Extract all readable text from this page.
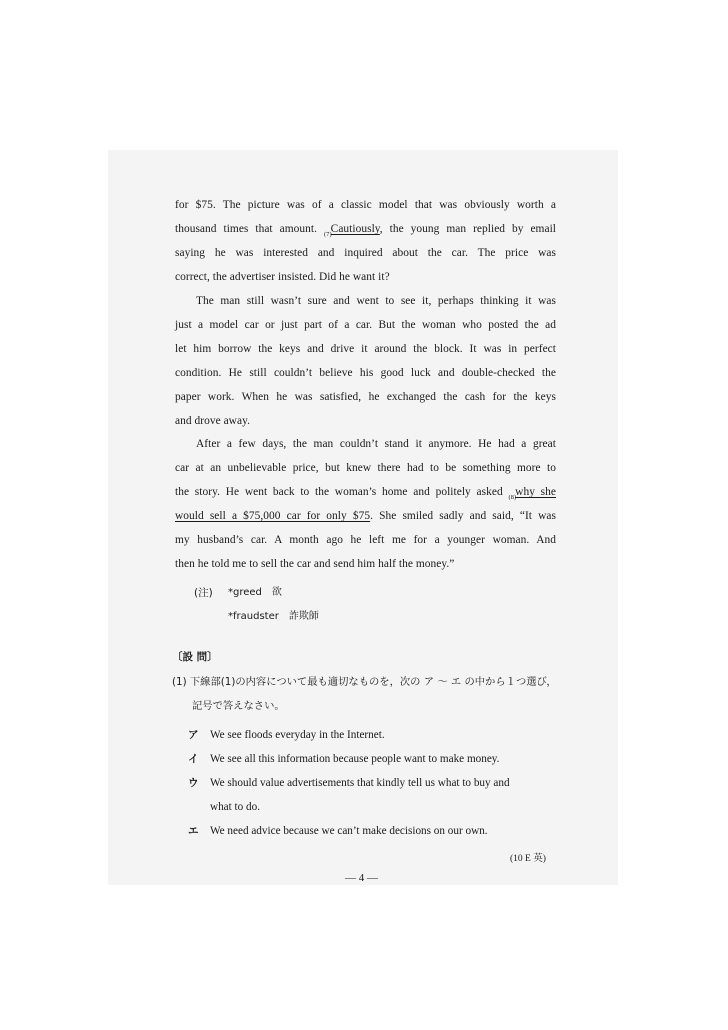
for $75. The picture was of a classic model that was obviously worth a
thousand times that amount. $_{(7)}$Cautiously, the young man replied by email
saying he was interested and inquired about the car. The price was
correct, the advertiser insisted. Did he want it?
The man still wasn’t sure and went to see it, perhaps thinking it was
just a model car or just part of a car. But the woman who posted the ad
let him borrow the keys and drive it around the block. It was in perfect
condition. He still couldn’t believe his good luck and double-checked the
paper work. When he was satisfied, he exchanged the cash for the keys
and drove away.
After a few days, the man couldn’t stand it anymore. He had a great
car at an unbelievable price, but knew there had to be something more to
the story. He went back to the woman’s home and politely asked $_{(8)}$why she
would sell a $75,000 car for only $75. She smiled sadly and said, “It was
my husband’s car. A month ago he left me for a younger woman. And
then he told me to sell the car and send him half the money.”
(注) *greed　欲
*fraudster　詐欺師
〔設 問〕
(1) 下線部(1)の内容について最も適切なものを，次の ア ～ エ の中から１つ選び，
記号で答えなさい。
ア We see floods everyday in the Internet.
イ We see all this information because people want to make money.
ウ We should value advertisements that kindly tell us what to buy and
what to do.
エ We need advice because we can’t make decisions on our own.
(10 E 英)
— 4 —
